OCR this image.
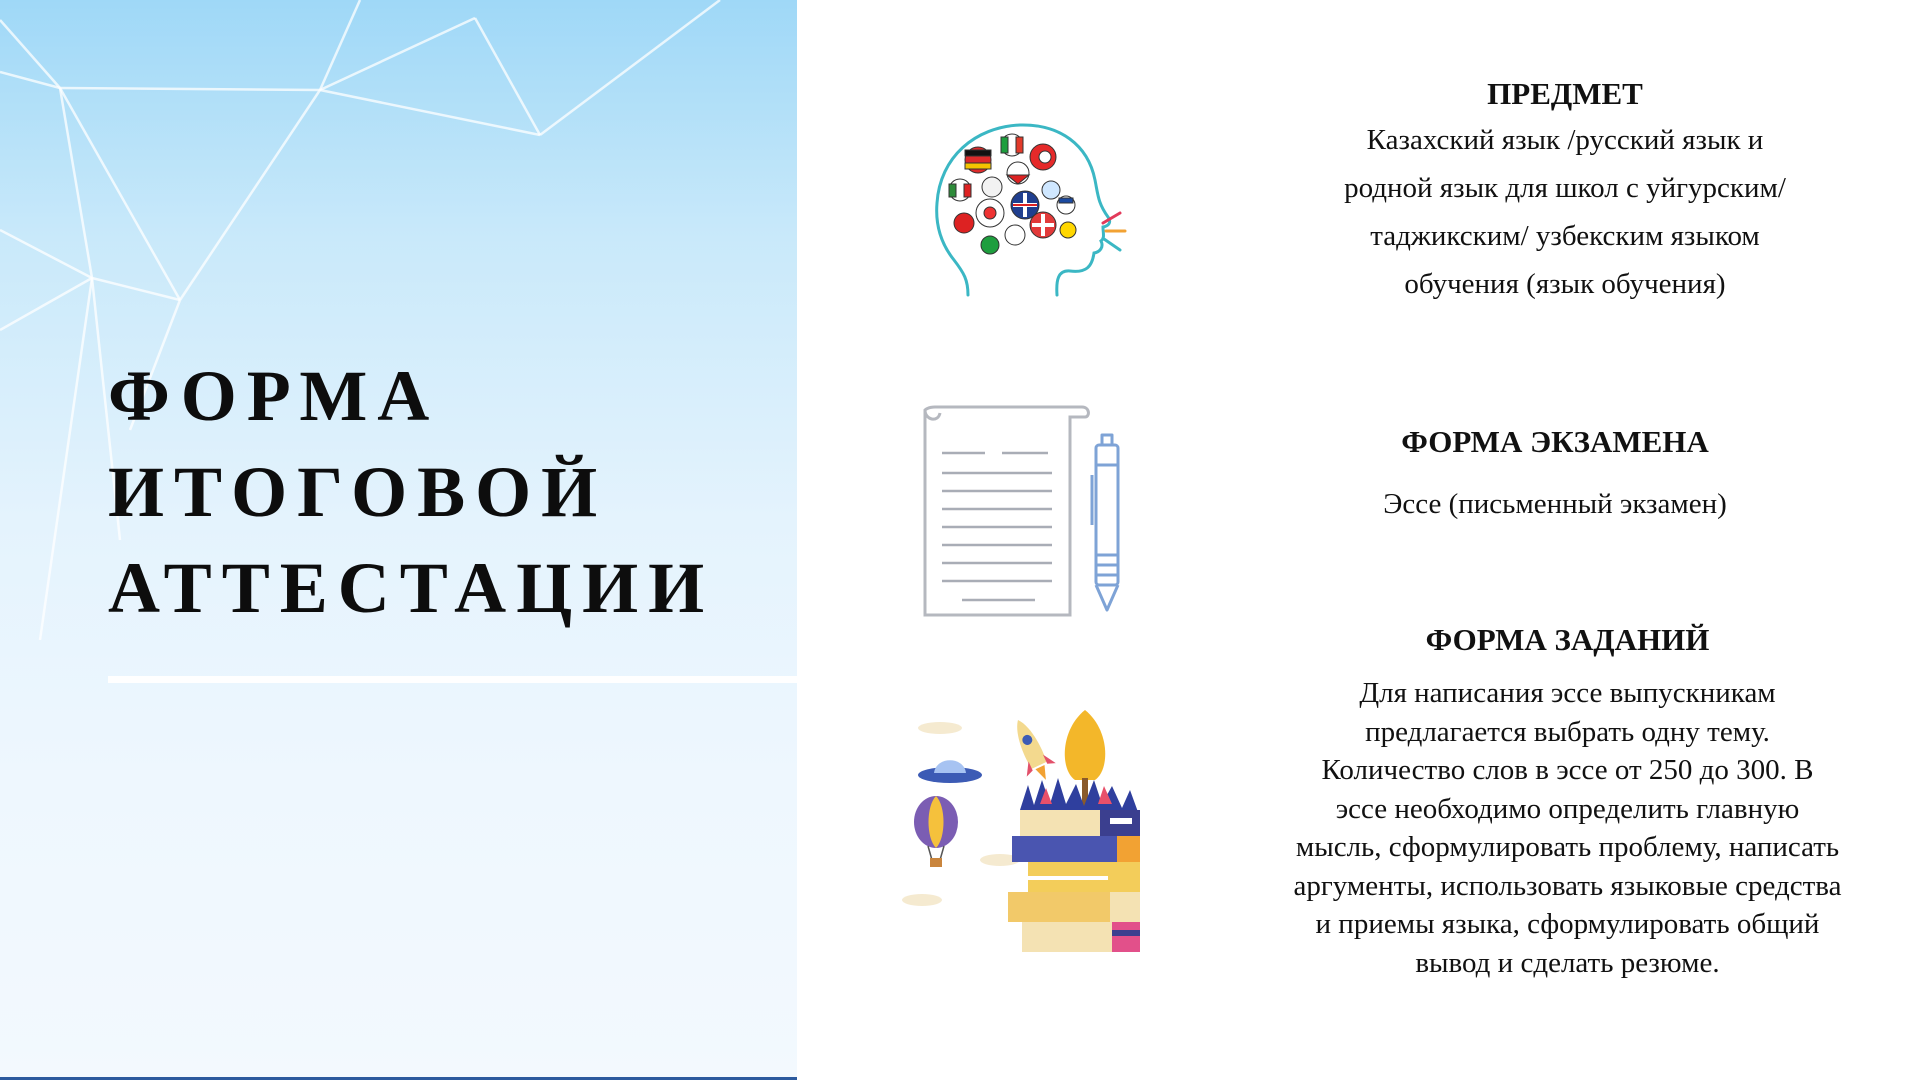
ФОРМА
ИТОГОВОЙ
АТТЕСТАЦИИ
ПРЕДМЕТ

Казахский язык /русский язык и
родной язык для школ с уйгурским/
таджикским/ узбекским языком
обучения (язык обучения)

ФОРМА ЭКЗАМЕНА

Эссе (письменный экзамен)

ФОРМА ЗАДАНИЙ

Для написания эссе выпускникам
предлагается выбрать одну тему.
Количество слов в эссе от 250 до 300. В
эссе необходимо определить главную
мысль, сформулировать проблему, написать
аргументы, использовать языковые средства
и приемы языка, сформулировать общий
вывод и сделать резюме.
